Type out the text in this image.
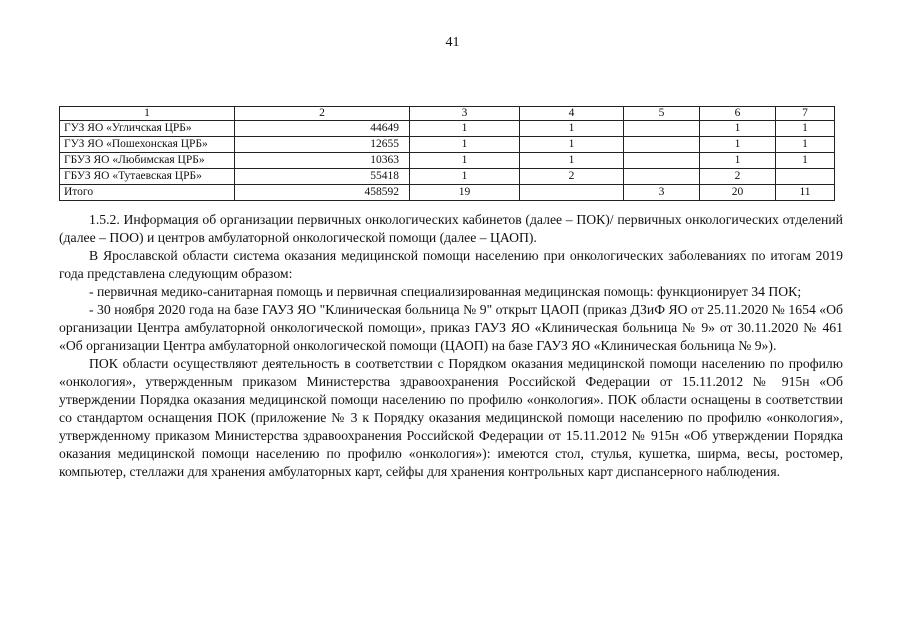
41
1	2	3	4	5	6	7
ГУЗ ЯО «Угличская ЦРБ»	44649	1	1		1	1
ГУЗ ЯО «Пошехонская ЦРБ»	12655	1	1		1	1
ГБУЗ ЯО «Любимская ЦРБ»	10363	1	1		1	1
ГБУЗ ЯО «Тутаевская ЦРБ»	55418	1	2		2	
Итого	458592	19		3	20	11

1.5.2. Информация об организации первичных онкологических кабинетов (далее – ПОК)/ первичных онкологических отделений (далее – ПОО) и центров амбулаторной онкологической помощи (далее – ЦАОП).

В Ярославской области система оказания медицинской помощи населению при онкологических заболеваниях по итогам 2019 года представлена следующим образом:

- первичная медико-санитарная помощь и первичная специализированная медицинская помощь: функционирует 34 ПОК;

- 30 ноября 2020 года на базе ГАУЗ ЯО "Клиническая больница № 9" открыт ЦАОП (приказ ДЗиФ ЯО от 25.11.2020 № 1654 «Об организации Центра амбулаторной онкологической помощи», приказ ГАУЗ ЯО «Клиническая больница № 9» от 30.11.2020 № 461 «Об организации Центра амбулаторной онкологической помощи (ЦАОП) на базе ГАУЗ ЯО «Клиническая больница № 9»).

ПОК области осуществляют деятельность в соответствии с Порядком оказания медицинской помощи населению по профилю «онкология», утвержденным приказом Министерства здравоохранения Российской Федерации от 15.11.2012 № 915н «Об утверждении Порядка оказания медицинской помощи населению по профилю «онкология». ПОК области оснащены в соответствии со стандартом оснащения ПОК (приложение № 3 к Порядку оказания медицинской помощи населению по профилю «онкология», утвержденному приказом Министерства здравоохранения Российской Федерации от 15.11.2012 № 915н «Об утверждении Порядка оказания медицинской помощи населению по профилю «онкология»): имеются стол, стулья, кушетка, ширма, весы, ростомер, компьютер, стеллажи для хранения амбулаторных карт, сейфы для хранения контрольных карт диспансерного наблюдения.
